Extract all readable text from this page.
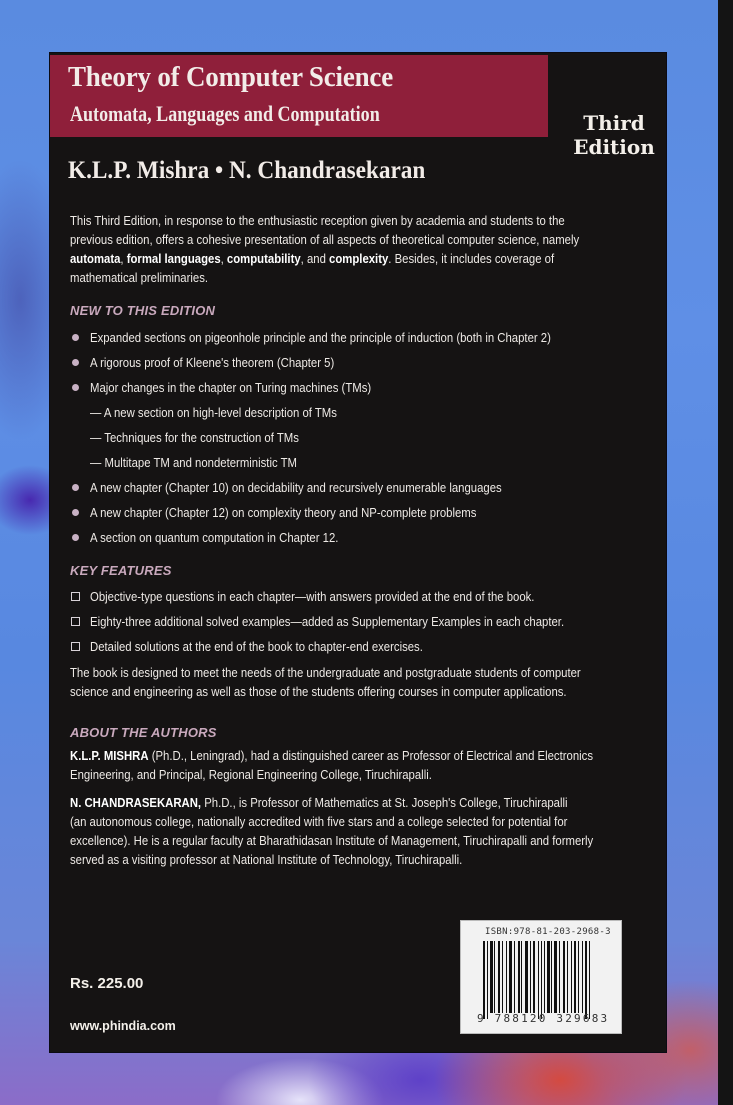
Theory of Computer Science
Automata, Languages and Computation	Third
Edition
K.L.P. Mishra • N. Chandrasekaran
This Third Edition, in response to the enthusiastic reception given by academia and students to the
previous edition, offers a cohesive presentation of all aspects of theoretical computer science, namely
automata, formal languages, computability, and complexity. Besides, it includes coverage of
mathematical preliminaries.
NEW TO THIS EDITION
Expanded sections on pigeonhole principle and the principle of induction (both in Chapter 2)
A rigorous proof of Kleene's theorem (Chapter 5)
Major changes in the chapter on Turing machines (TMs)
— A new section on high-level description of TMs
— Techniques for the construction of TMs
— Multitape TM and nondeterministic TM
A new chapter (Chapter 10) on decidability and recursively enumerable languages
A new chapter (Chapter 12) on complexity theory and NP-complete problems
A section on quantum computation in Chapter 12.
KEY FEATURES
Objective-type questions in each chapter—with answers provided at the end of the book.
Eighty-three additional solved examples—added as Supplementary Examples in each chapter.
Detailed solutions at the end of the book to chapter-end exercises.
The book is designed to meet the needs of the undergraduate and postgraduate students of computer
science and engineering as well as those of the students offering courses in computer applications.
ABOUT THE AUTHORS
K.L.P. MISHRA (Ph.D., Leningrad), had a distinguished career as Professor of Electrical and Electronics
Engineering, and Principal, Regional Engineering College, Tiruchirapalli.
N. CHANDRASEKARAN, Ph.D., is Professor of Mathematics at St. Joseph's College, Tiruchirapalli
(an autonomous college, nationally accredited with five stars and a college selected for potential for
excellence). He is a regular faculty at Bharathidasan Institute of Management, Tiruchirapalli and formerly
served as a visiting professor at National Institute of Technology, Tiruchirapalli.
ISBN:978-81-203-2968-3
9 788120 329683
Rs. 225.00
www.phindia.com
